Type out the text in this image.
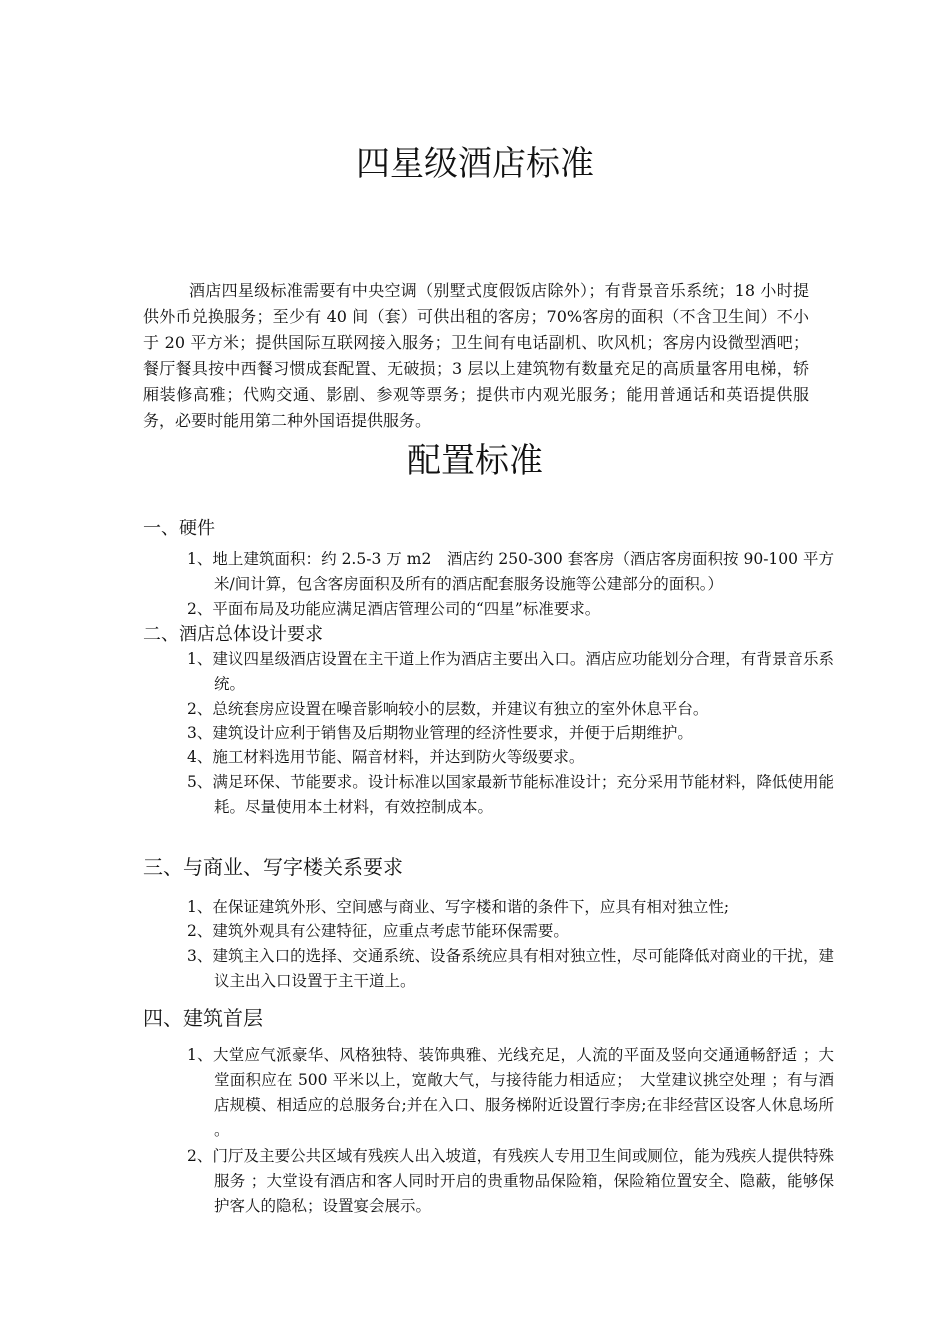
四星级酒店标准

酒店四星级标准需要有中央空调（别墅式度假饭店除外）；有背景音乐系统；18 小时提供外币兑换服务；至少有 40 间（套）可供出租的客房；70%客房的面积（不含卫生间）不小于 20 平方米；提供国际互联网接入服务；卫生间有电话副机、吹风机；客房内设微型酒吧；餐厅餐具按中西餐习惯成套配置、无破损；3 层以上建筑物有数量充足的高质量客用电梯，轿厢装修高雅；代购交通、影剧、参观等票务；提供市内观光服务；能用普通话和英语提供服务，必要时能用第二种外国语提供服务。

配置标准
一、硬件

1、地上建筑面积：约 2.5-3 万 m2　酒店约 250-300 套客房（酒店客房面积按 90-100 平方米/间计算，包含客房面积及所有的酒店配套服务设施等公建部分的面积。）

2、平面布局及功能应满足酒店管理公司的“四星”标准要求。

二、酒店总体设计要求

1、建议四星级酒店设置在主干道上作为酒店主要出入口。酒店应功能划分合理，有背景音乐系统。

2、总统套房应设置在噪音影响较小的层数，并建议有独立的室外休息平台。

3、建筑设计应利于销售及后期物业管理的经济性要求，并便于后期维护。

4、施工材料选用节能、隔音材料，并达到防火等级要求。

5、满足环保、节能要求。设计标准以国家最新节能标准设计；充分采用节能材料，降低使用能耗。尽量使用本土材料，有效控制成本。

三、与商业、写字楼关系要求

1、在保证建筑外形、空间感与商业、写字楼和谐的条件下，应具有相对独立性;

2、建筑外观具有公建特征，应重点考虑节能环保需要。

3、建筑主入口的选择、交通系统、设备系统应具有相对独立性，尽可能降低对商业的干扰，建议主出入口设置于主干道上。

四、建筑首层

1、大堂应气派豪华、风格独特、装饰典雅、光线充足，人流的平面及竖向交通通畅舒适 ；大堂面积应在 500 平米以上，宽敞大气，与接待能力相适应；　大堂建议挑空处理 ；有与酒店规模、相适应的总服务台;并在入口、服务梯附近设置行李房;在非经营区设客人休息场所 。

2、门厅及主要公共区域有残疾人出入坡道，有残疾人专用卫生间或厕位，能为残疾人提供特殊服务 ；大堂设有酒店和客人同时开启的贵重物品保险箱，保险箱位置安全、隐蔽，能够保护客人的隐私；设置宴会展示。
